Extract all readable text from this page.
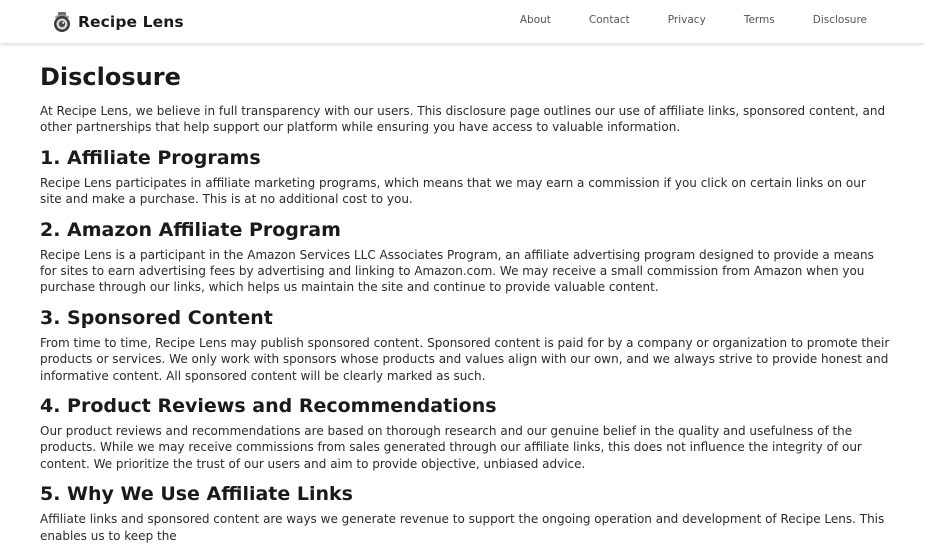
Recipe Lens	About	Contact	Privacy	Terms	Disclosure
Disclosure

At Recipe Lens, we believe in full transparency with our users. This disclosure page outlines our use of affiliate links, sponsored content, and other partnerships that help support our platform while ensuring you have access to valuable information.

1. Affiliate Programs

Recipe Lens participates in affiliate marketing programs, which means that we may earn a commission if you click on certain links on our site and make a purchase. This is at no additional cost to you.

2. Amazon Affiliate Program

Recipe Lens is a participant in the Amazon Services LLC Associates Program, an affiliate advertising program designed to provide a means for sites to earn advertising fees by advertising and linking to Amazon.com. We may receive a small commission from Amazon when you purchase through our links, which helps us maintain the site and continue to provide valuable content.

3. Sponsored Content

From time to time, Recipe Lens may publish sponsored content. Sponsored content is paid for by a company or organization to promote their products or services. We only work with sponsors whose products and values align with our own, and we always strive to provide honest and informative content. All sponsored content will be clearly marked as such.

4. Product Reviews and Recommendations

Our product reviews and recommendations are based on thorough research and our genuine belief in the quality and usefulness of the products. While we may receive commissions from sales generated through our affiliate links, this does not influence the integrity of our content. We prioritize the trust of our users and aim to provide objective, unbiased advice.

5. Why We Use Affiliate Links

Affiliate links and sponsored content are ways we generate revenue to support the ongoing operation and development of Recipe Lens. This enables us to keep the
